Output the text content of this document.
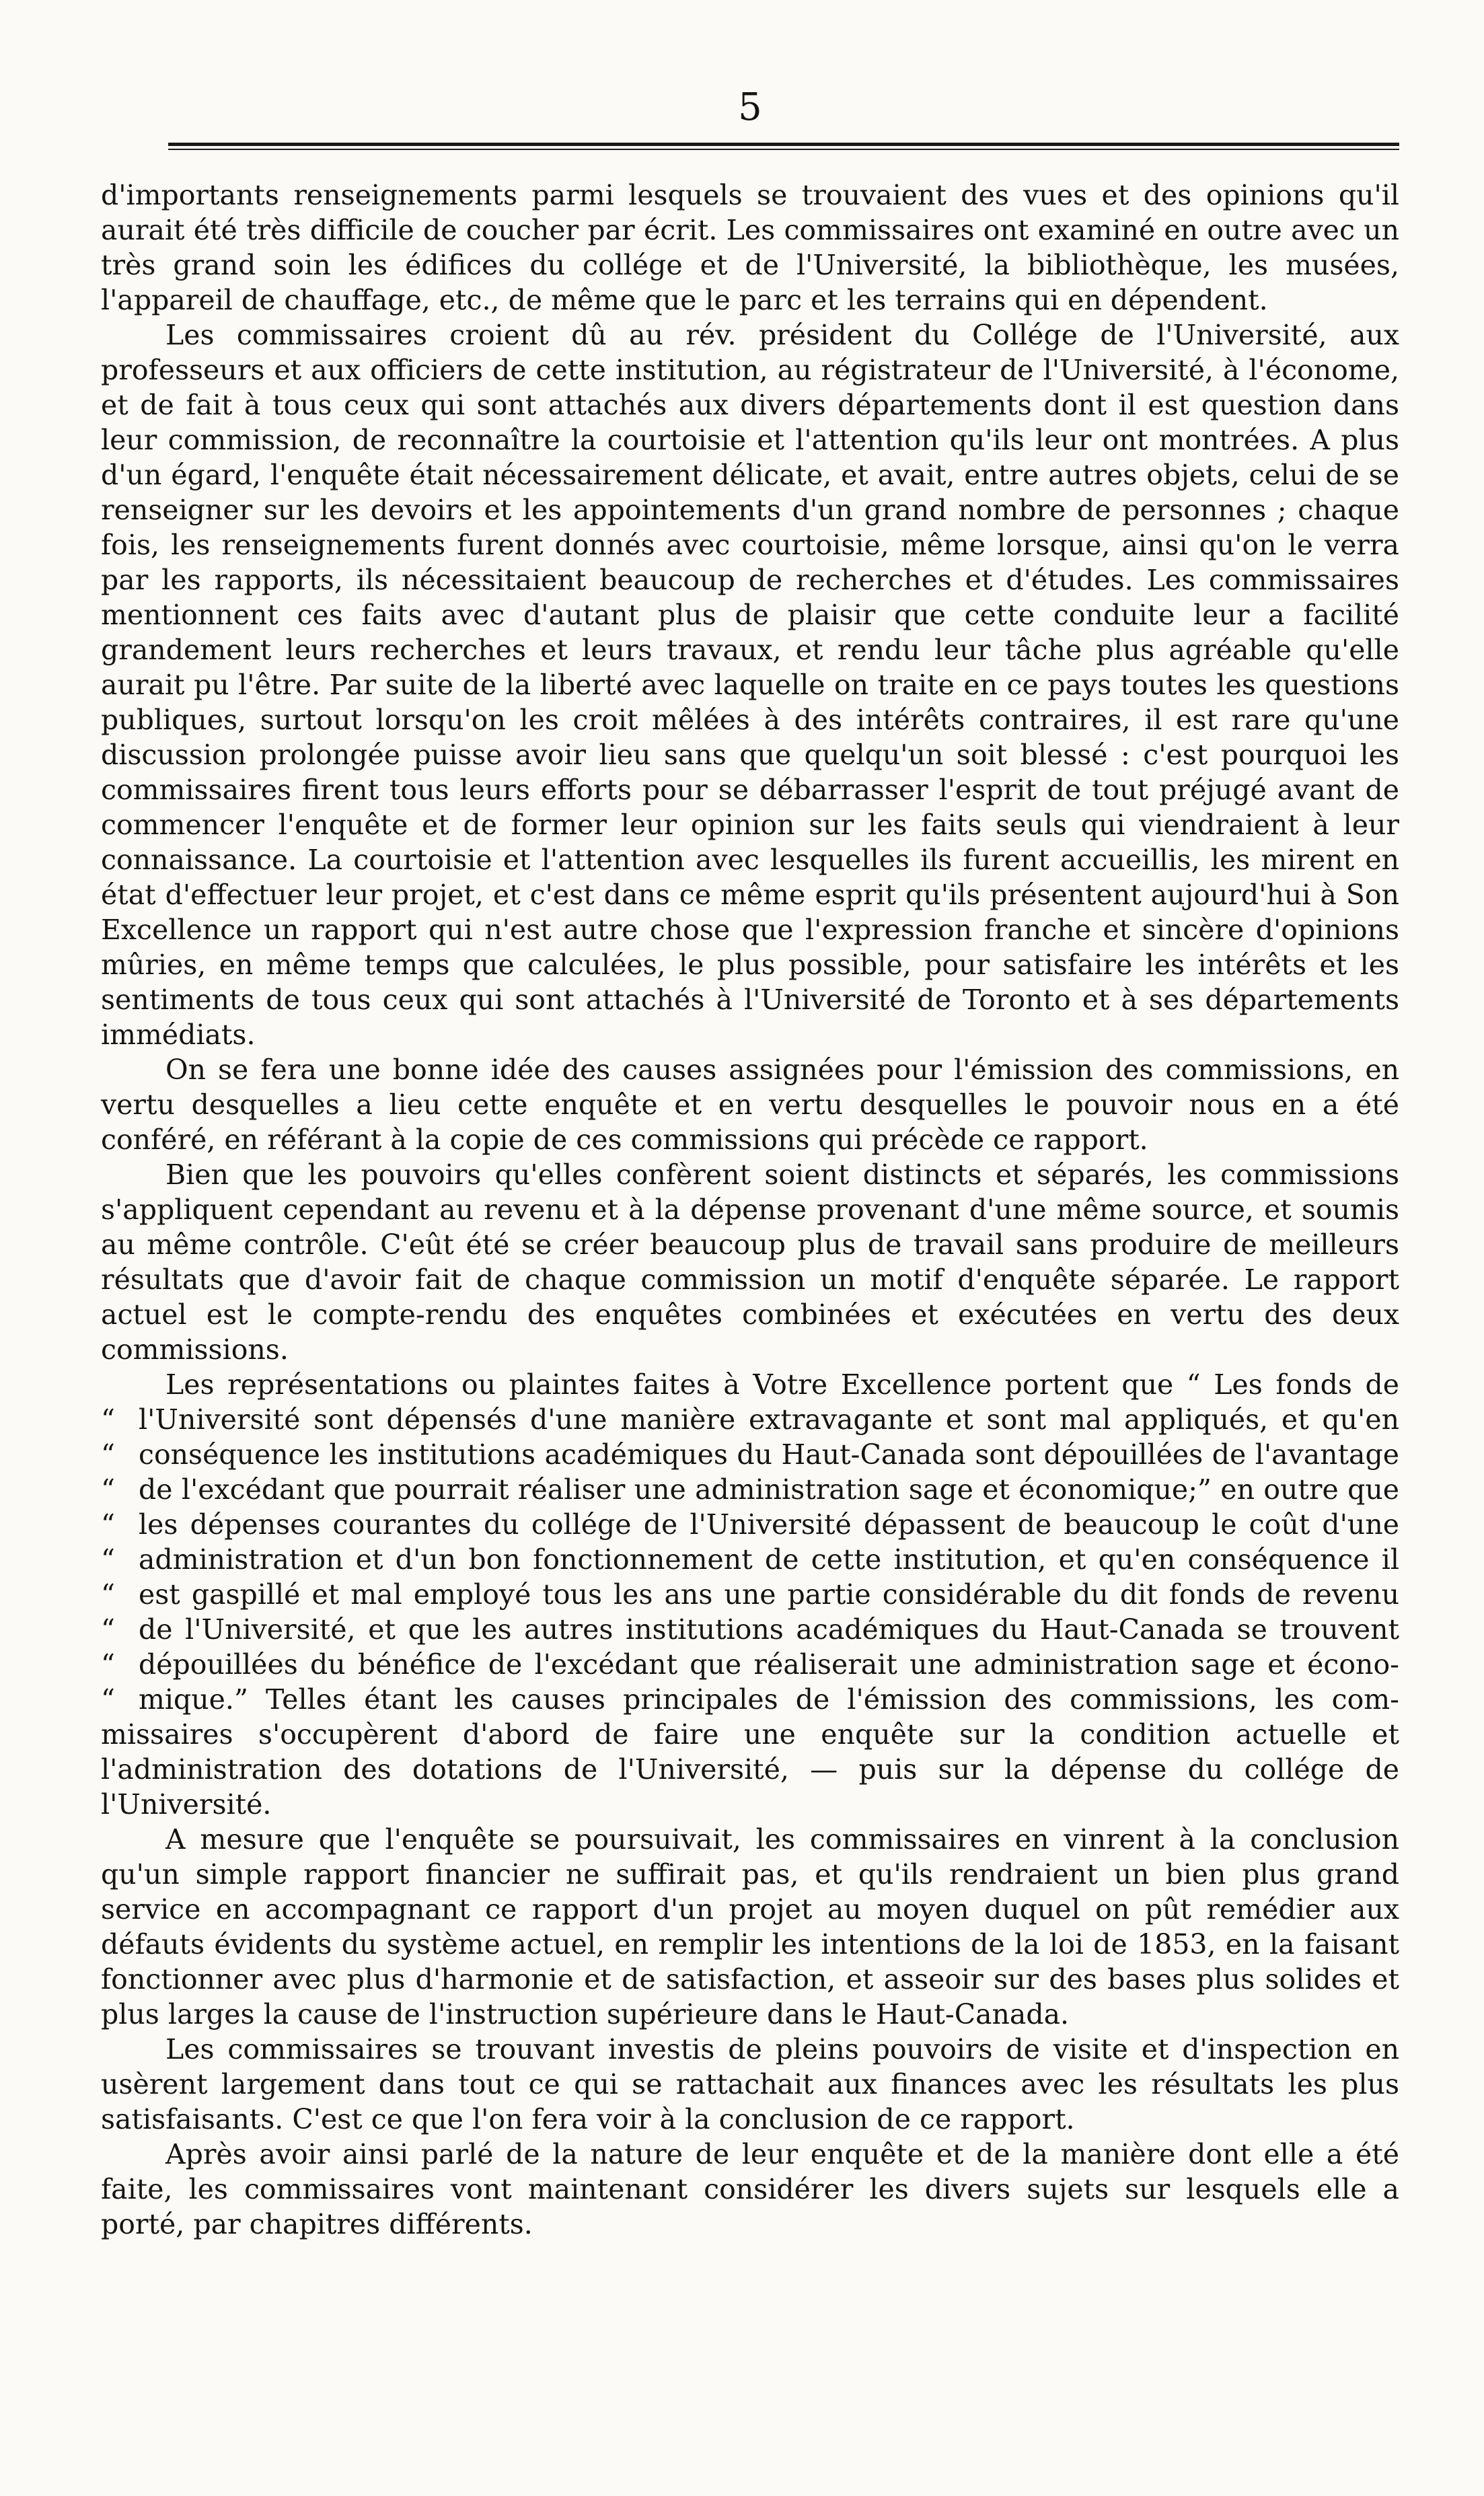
5

d'importants renseignements parmi lesquels se trouvaient des vues et des opinions qu'il aurait été très difficile de coucher par écrit. Les commissaires ont examiné en outre avec un très grand soin les édifices du collége et de l'Université, la bibliothèque, les musées, l'appareil de chauffage, etc., de même que le parc et les terrains qui en dépendent.

Les commissaires croient dû au rév. président du Collége de l'Université, aux professeurs et aux officiers de cette institution, au régistrateur de l'Université, à l'économe, et de fait à tous ceux qui sont attachés aux divers départements dont il est question dans leur commission, de reconnaître la courtoisie et l'attention qu'ils leur ont montrées. A plus d'un égard, l'enquête était nécessairement délicate, et avait, entre autres objets, celui de se renseigner sur les devoirs et les appointements d'un grand nombre de personnes ; chaque fois, les renseignements furent donnés avec courtoisie, même lorsque, ainsi qu'on le verra par les rapports, ils nécessitaient beaucoup de recherches et d'études. Les commissaires mentionnent ces faits avec d'autant plus de plaisir que cette conduite leur a facilité grandement leurs recherches et leurs travaux, et rendu leur tâche plus agréable qu'elle aurait pu l'être. Par suite de la liberté avec laquelle on traite en ce pays toutes les questions publiques, surtout lorsqu'on les croit mêlées à des intérêts contraires, il est rare qu'une discussion prolongée puisse avoir lieu sans que quelqu'un soit blessé : c'est pourquoi les commissaires firent tous leurs efforts pour se débarrasser l'esprit de tout préjugé avant de commencer l'enquête et de former leur opinion sur les faits seuls qui viendraient à leur connaissance. La courtoisie et l'attention avec lesquelles ils furent accueillis, les mirent en état d'effectuer leur projet, et c'est dans ce même esprit qu'ils présentent aujourd'hui à Son Excellence un rapport qui n'est autre chose que l'expression franche et sincère d'opinions mûries, en même temps que calculées, le plus possible, pour satisfaire les intérêts et les sentiments de tous ceux qui sont attachés à l'Université de Toronto et à ses départements immédiats.

On se fera une bonne idée des causes assignées pour l'émission des commissions, en vertu desquelles a lieu cette enquête et en vertu desquelles le pouvoir nous en a été conféré, en référant à la copie de ces commissions qui précède ce rapport.

Bien que les pouvoirs qu'elles confèrent soient distincts et séparés, les commissions s'appliquent cependant au revenu et à la dépense provenant d'une même source, et soumis au même contrôle. C'eût été se créer beaucoup plus de travail sans produire de meilleurs résultats que d'avoir fait de chaque commission un motif d'enquête séparée. Le rapport actuel est le compte-rendu des enquêtes combinées et exécutées en vertu des deux commissions.

Les représentations ou plaintes faites à Votre Excellence portent que “ Les fonds de

“ l'Université sont dépensés d'une manière extravagante et sont mal appliqués, et qu'en
“ conséquence les institutions académiques du Haut-Canada sont dépouillées de l'avantage
“ de l'excédant que pourrait réaliser une administration sage et économique;” en outre que
“ les dépenses courantes du collége de l'Université dépassent de beaucoup le coût d'une
“ administration et d'un bon fonctionnement de cette institution, et qu'en conséquence il
“ est gaspillé et mal employé tous les ans une partie considérable du dit fonds de revenu
“ de l'Université, et que les autres institutions académiques du Haut-Canada se trouvent
“ dépouillées du bénéfice de l'excédant que réaliserait une administration sage et écono-
“ mique.” Telles étant les causes principales de l'émission des commissions, les com-

missaires s'occupèrent d'abord de faire une enquête sur la condition actuelle et l'administration des dotations de l'Université, — puis sur la dépense du collége de l'Université.

A mesure que l'enquête se poursuivait, les commissaires en vinrent à la conclusion qu'un simple rapport financier ne suffirait pas, et qu'ils rendraient un bien plus grand service en accompagnant ce rapport d'un projet au moyen duquel on pût remédier aux défauts évidents du système actuel, en remplir les intentions de la loi de 1853, en la faisant fonctionner avec plus d'harmonie et de satisfaction, et asseoir sur des bases plus solides et plus larges la cause de l'instruction supérieure dans le Haut-Canada.

Les commissaires se trouvant investis de pleins pouvoirs de visite et d'inspection en usèrent largement dans tout ce qui se rattachait aux finances avec les résultats les plus satisfaisants. C'est ce que l'on fera voir à la conclusion de ce rapport.

Après avoir ainsi parlé de la nature de leur enquête et de la manière dont elle a été faite, les commissaires vont maintenant considérer les divers sujets sur lesquels elle a porté, par chapitres différents.
